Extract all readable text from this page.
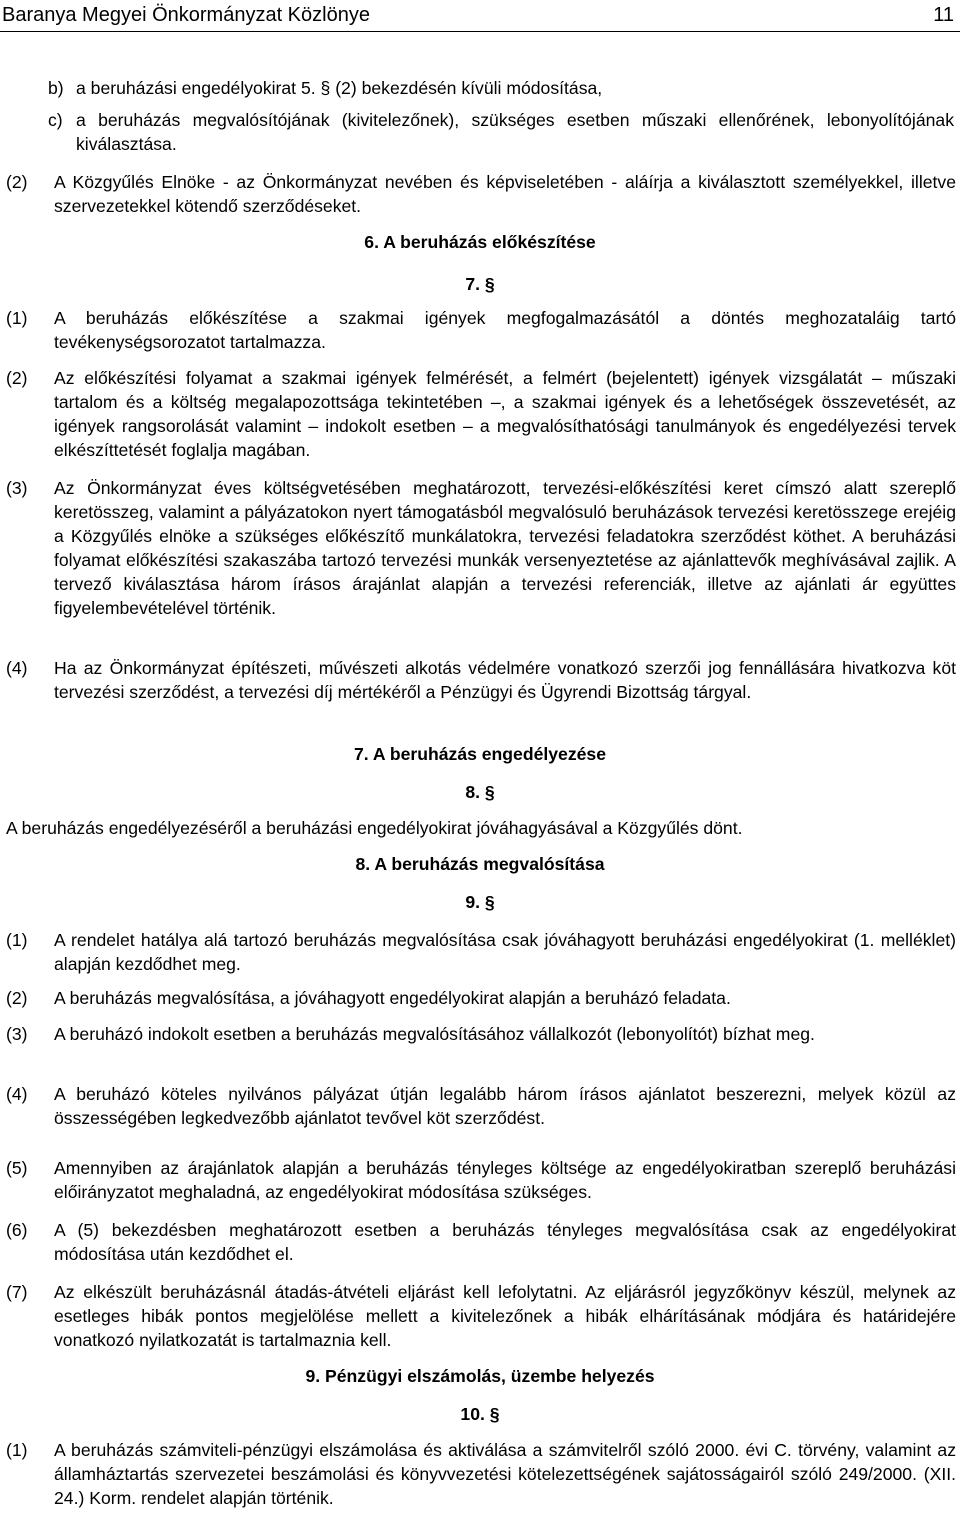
Baranya Megyei Önkormányzat Közlönye	11
b) a beruházási engedélyokirat 5. § (2) bekezdésén kívüli módosítása,
c) a beruházás megvalósítójának (kivitelezőnek), szükséges esetben műszaki ellenőrének, lebonyolítójának kiválasztása.
(2) A Közgyűlés Elnöke - az Önkormányzat nevében és képviseletében - aláírja a kiválasztott személyekkel, illetve szervezetekkel kötendő szerződéseket.
6. A beruházás előkészítése
7. §
(1) A beruházás előkészítése a szakmai igények megfogalmazásától a döntés meghozataláig tartó tevékenységsorozatot tartalmazza.
(2) Az előkészítési folyamat a szakmai igények felmérését, a felmért (bejelentett) igények vizsgálatát – műszaki tartalom és a költség megalapozottsága tekintetében –, a szakmai igények és a lehetőségek összevetését, az igények rangsorolását valamint – indokolt esetben – a megvalósíthatósági tanulmányok és engedélyezési tervek elkészíttetését foglalja magában.
(3) Az Önkormányzat éves költségvetésében meghatározott, tervezési-előkészítési keret címszó alatt szereplő keretösszeg, valamint a pályázatokon nyert támogatásból megvalósuló beruházások tervezési keretösszege erejéig a Közgyűlés elnöke a szükséges előkészítő munkálatokra, tervezési feladatokra szerződést köthet. A beruházási folyamat előkészítési szakaszába tartozó tervezési munkák versenyeztetése az ajánlattevők meghívásával zajlik. A tervező kiválasztása három írásos árajánlat alapján a tervezési referenciák, illetve az ajánlati ár együttes figyelembevételével történik.
(4) Ha az Önkormányzat építészeti, művészeti alkotás védelmére vonatkozó szerzői jog fennállására hivatkozva köt tervezési szerződést, a tervezési díj mértékéről a Pénzügyi és Ügyrendi Bizottság tárgyal.
7. A beruházás engedélyezése
8. §
A beruházás engedélyezéséről a beruházási engedélyokirat jóváhagyásával a Közgyűlés dönt.
8. A beruházás megvalósítása
9. §
(1) A rendelet hatálya alá tartozó beruházás megvalósítása csak jóváhagyott beruházási engedélyokirat (1. melléklet) alapján kezdődhet meg.
(2) A beruházás megvalósítása, a jóváhagyott engedélyokirat alapján a beruházó feladata.
(3) A beruházó indokolt esetben a beruházás megvalósításához vállalkozót (lebonyolítót) bízhat meg.
(4) A beruházó köteles nyilvános pályázat útján legalább három írásos ajánlatot beszerezni, melyek közül az összességében legkedvezőbb ajánlatot tevővel köt szerződést.
(5) Amennyiben az árajánlatok alapján a beruházás tényleges költsége az engedélyokiratban szereplő beruházási előirányzatot meghaladná, az engedélyokirat módosítása szükséges.
(6) A (5) bekezdésben meghatározott esetben a beruházás tényleges megvalósítása csak az engedélyokirat módosítása után kezdődhet el.
(7) Az elkészült beruházásnál átadás-átvételi eljárást kell lefolytatni. Az eljárásról jegyzőkönyv készül, melynek az esetleges hibák pontos megjelölése mellett a kivitelezőnek a hibák elhárításának módjára és határidejére vonatkozó nyilatkozatát is tartalmaznia kell.
9. Pénzügyi elszámolás, üzembe helyezés
10. §
(1) A beruházás számviteli-pénzügyi elszámolása és aktiválása a számvitelről szóló 2000. évi C. törvény, valamint az államháztartás szervezetei beszámolási és könyvvezetési kötelezettségének sajátosságairól szóló 249/2000. (XII. 24.) Korm. rendelet alapján történik.
